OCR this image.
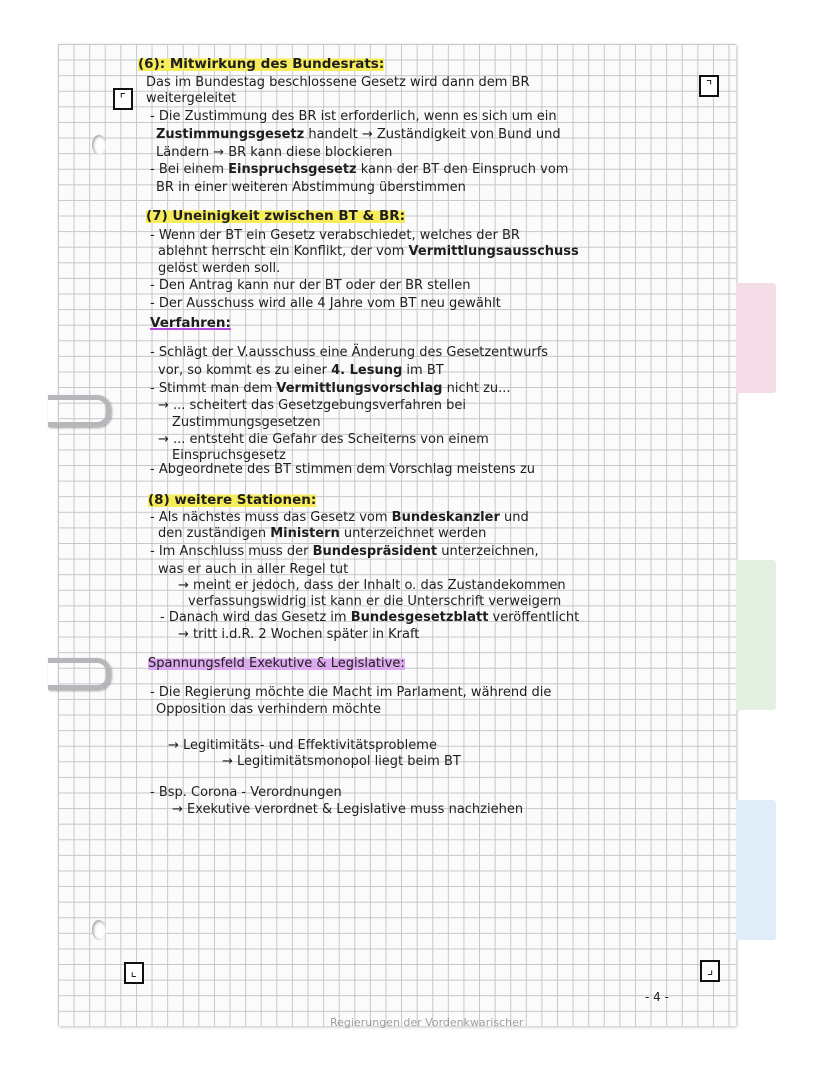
⌜
⌝
⌞	⌟
(6): Mitwirkung des Bundesrats:
Das im Bundestag beschlossene Gesetz wird dann dem BR
weitergeleitet
- Die Zustimmung des BR ist erforderlich, wenn es sich um ein
Zustimmungsgesetz handelt → Zuständigkeit von Bund und
Ländern → BR kann diese blockieren
- Bei einem Einspruchsgesetz kann der BT den Einspruch vom
BR in einer weiteren Abstimmung überstimmen
(7) Uneinigkeit zwischen BT & BR:
- Wenn der BT ein Gesetz verabschiedet, welches der BR
ablehnt herrscht ein Konflikt, der vom Vermittlungsausschuss
gelöst werden soll.
- Den Antrag kann nur der BT oder der BR stellen
- Der Ausschuss wird alle 4 Jahre vom BT neu gewählt
Verfahren:
- Schlägt der V.ausschuss eine Änderung des Gesetzentwurfs
vor, so kommt es zu einer 4. Lesung im BT
- Stimmt man dem Vermittlungsvorschlag nicht zu...
→ ... scheitert das Gesetzgebungsverfahren bei
Zustimmungsgesetzen
→ ... entsteht die Gefahr des Scheiterns von einem
Einspruchsgesetz
- Abgeordnete des BT stimmen dem Vorschlag meistens zu
(8) weitere Stationen:
- Als nächstes muss das Gesetz vom Bundeskanzler und
den zuständigen Ministern unterzeichnet werden
- Im Anschluss muss der Bundespräsident unterzeichnen,
was er auch in aller Regel tut
→ meint er jedoch, dass der Inhalt o. das Zustandekommen
verfassungswidrig ist kann er die Unterschrift verweigern
- Danach wird das Gesetz im Bundesgesetzblatt veröffentlicht
→ tritt i.d.R. 2 Wochen später in Kraft
Spannungsfeld Exekutive & Legislative:
- Die Regierung möchte die Macht im Parlament, während die
Opposition das verhindern möchte
→ Legitimitäts- und Effektivitätsprobleme
→ Legitimitätsmonopol liegt beim BT
- Bsp. Corona - Verordnungen
→ Exekutive verordnet & Legislative muss nachziehen
- 4 -
Regierungen der Vordenkwarischer
